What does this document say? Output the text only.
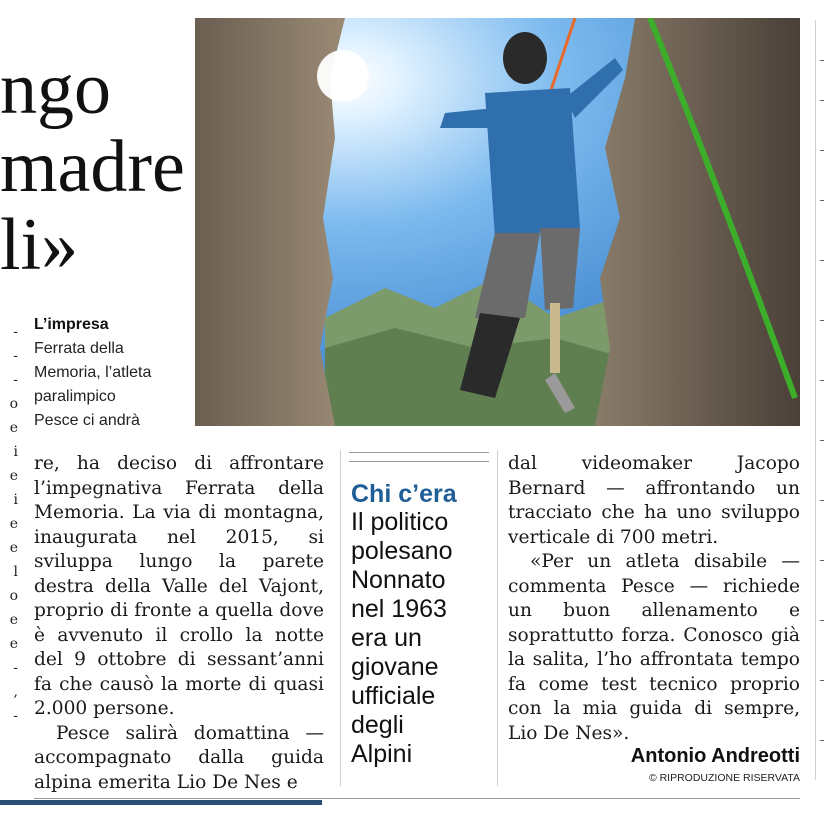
ngo
madre
li»
-
-
-
o
e
i
e
i
e
e
l
o
e
e
-
,
-
L’impresa
Ferrata della
Memoria, l’atleta
paralimpico
Pesce ci andrà

re, ha deciso di affrontare l’impegnativa Ferrata della Memoria. La via di montagna, inaugurata nel 2015, si sviluppa lungo la parete destra della Valle del Vajont, proprio di fronte a quella dove è avvenuto il crollo la notte del 9 ottobre di sessant’anni fa che causò la morte di quasi 2.000 persone.

Pesce salirà domattina — accompagnato dalla guida alpina emerita Lio De Nes e

Chi c’era
Il politico
polesano
Nonnato
nel 1963
era un
giovane
ufficiale
degli
Alpini

dal videomaker Jacopo Bernard — affrontando un tracciato che ha uno sviluppo verticale di 700 metri.

«Per un atleta disabile — commenta Pesce — richiede un buon allenamento e soprattutto forza. Conosco già la salita, l’ho affrontata tempo fa come test tecnico proprio con la mia guida di sempre, Lio De Nes».

Antonio Andreotti
© RIPRODUZIONE RISERVATA
